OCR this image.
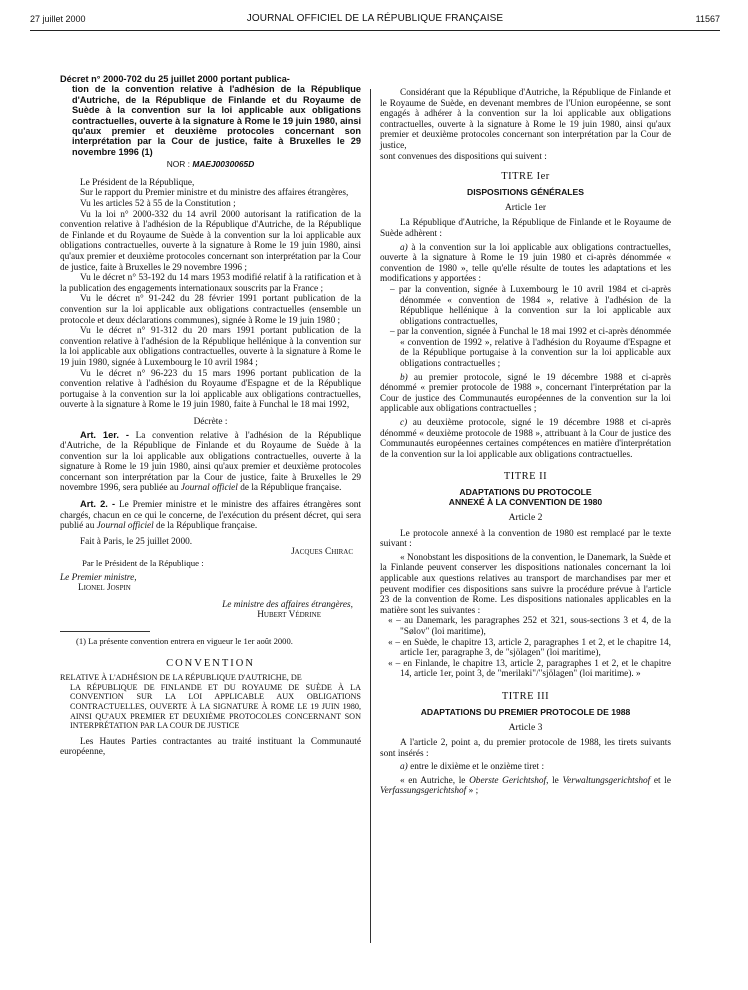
27 juillet 2000	JOURNAL OFFICIEL DE LA RÉPUBLIQUE FRANÇAISE	11567

Décret n° 2000-702 du 25 juillet 2000 portant publica-
tion de la convention relative à l'adhésion de la République d'Autriche, de la République de Finlande et du Royaume de Suède à la convention sur la loi applicable aux obligations contractuelles, ouverte à la signature à Rome le 19 juin 1980, ainsi qu'aux premier et deuxième protocoles concernant son interprétation par la Cour de justice, faite à Bruxelles le 29 novembre 1996 (1)

NOR : MAEJ0030065D

Le Président de la République,

Sur le rapport du Premier ministre et du ministre des affaires étrangères,

Vu les articles 52 à 55 de la Constitution ;

Vu la loi n° 2000-332 du 14 avril 2000 autorisant la ratification de la convention relative à l'adhésion de la République d'Autriche, de la République de Finlande et du Royaume de Suède à la convention sur la loi applicable aux obligations contractuelles, ouverte à la signature à Rome le 19 juin 1980, ainsi qu'aux premier et deuxième protocoles concernant son interprétation par la Cour de justice, faite à Bruxelles le 29 novembre 1996 ;

Vu le décret n° 53-192 du 14 mars 1953 modifié relatif à la ratification et à la publication des engagements internationaux souscrits par la France ;

Vu le décret n° 91-242 du 28 février 1991 portant publication de la convention sur la loi applicable aux obligations contractuelles (ensemble un protocole et deux déclarations communes), signée à Rome le 19 juin 1980 ;

Vu le décret n° 91-312 du 20 mars 1991 portant publication de la convention relative à l'adhésion de la République hellénique à la convention sur la loi applicable aux obligations contractuelles, ouverte à la signature à Rome le 19 juin 1980, signée à Luxembourg le 10 avril 1984 ;

Vu le décret n° 96-223 du 15 mars 1996 portant publication de la convention relative à l'adhésion du Royaume d'Espagne et de la République portugaise à la convention sur la loi applicable aux obligations contractuelles, ouverte à la signature à Rome le 19 juin 1980, faite à Funchal le 18 mai 1992,

Décrète :

Art. 1er. - La convention relative à l'adhésion de la République d'Autriche, de la République de Finlande et du Royaume de Suède à la convention sur la loi applicable aux obligations contractuelles, ouverte à la signature à Rome le 19 juin 1980, ainsi qu'aux premier et deuxième protocoles concernant son interprétation par la Cour de justice, faite à Bruxelles le 29 novembre 1996, sera publiée au Journal officiel de la République française.

Art. 2. - Le Premier ministre et le ministre des affaires étrangères sont chargés, chacun en ce qui le concerne, de l'exécution du présent décret, qui sera publié au Journal officiel de la République française.

Fait à Paris, le 25 juillet 2000.

Jacques Chirac

Par le Président de la République :

Le Premier ministre,

Lionel Jospin

Le ministre des affaires étrangères,

Hubert Védrine

(1) La présente convention entrera en vigueur le 1er août 2000.

CONVENTION

RELATIVE À L'ADHÉSION DE LA RÉPUBLIQUE D'AUTRICHE, DE
LA RÉPUBLIQUE DE FINLANDE ET DU ROYAUME DE SUÈDE À LA CONVENTION SUR LA LOI APPLICABLE AUX OBLIGATIONS CONTRACTUELLES, OUVERTE À LA SIGNATURE À ROME LE 19 JUIN 1980, AINSI QU'AUX PREMIER ET DEUXIÈME PROTOCOLES CONCERNANT SON INTERPRÉTATION PAR LA COUR DE JUSTICE

Les Hautes Parties contractantes au traité instituant la Communauté européenne,

Considérant que la République d'Autriche, la République de Finlande et le Royaume de Suède, en devenant membres de l'Union européenne, se sont engagés à adhérer à la convention sur la loi applicable aux obligations contractuelles, ouverte à la signature à Rome le 19 juin 1980, ainsi qu'aux premier et deuxième protocoles concernant son interprétation par la Cour de justice,

sont convenues des dispositions qui suivent :

TITRE Ier

DISPOSITIONS GÉNÉRALES

Article 1er

La République d'Autriche, la République de Finlande et le Royaume de Suède adhèrent :

a) à la convention sur la loi applicable aux obligations contractuelles, ouverte à la signature à Rome le 19 juin 1980 et ci-après dénommée « convention de 1980 », telle qu'elle résulte de toutes les adaptations et les modifications y apportées :

– par la convention, signée à Luxembourg le 10 avril 1984 et ci-après dénommée « convention de 1984 », relative à l'adhésion de la République hellénique à la convention sur la loi applicable aux obligations contractuelles,

– par la convention, signée à Funchal le 18 mai 1992 et ci-après dénommée « convention de 1992 », relative à l'adhésion du Royaume d'Espagne et de la République portugaise à la convention sur la loi applicable aux obligations contractuelles ;

b) au premier protocole, signé le 19 décembre 1988 et ci-après dénommé « premier protocole de 1988 », concernant l'interprétation par la Cour de justice des Communautés européennes de la convention sur la loi applicable aux obligations contractuelles ;

c) au deuxième protocole, signé le 19 décembre 1988 et ci-après dénommé « deuxième protocole de 1988 », attribuant à la Cour de justice des Communautés européennes certaines compétences en matière d'interprétation de la convention sur la loi applicable aux obligations contractuelles.

TITRE II

ADAPTATIONS DU PROTOCOLE
ANNEXÉ À LA CONVENTION DE 1980

Article 2

Le protocole annexé à la convention de 1980 est remplacé par le texte suivant :

« Nonobstant les dispositions de la convention, le Danemark, la Suède et la Finlande peuvent conserver les dispositions nationales concernant la loi applicable aux questions relatives au transport de marchandises par mer et peuvent modifier ces dispositions sans suivre la procédure prévue à l'article 23 de la convention de Rome. Les dispositions nationales applicables en la matière sont les suivantes :

« – au Danemark, les paragraphes 252 et 321, sous-sections 3 et 4, de la "Sølov" (loi maritime),

« – en Suède, le chapitre 13, article 2, paragraphes 1 et 2, et le chapitre 14, article 1er, paragraphe 3, de "sjölagen" (loi maritime),

« – en Finlande, le chapitre 13, article 2, paragraphes 1 et 2, et le chapitre 14, article 1er, point 3, de "merilaki"/"sjölagen" (loi maritime). »

TITRE III

ADAPTATIONS DU PREMIER PROTOCOLE DE 1988

Article 3

A l'article 2, point a, du premier protocole de 1988, les tirets suivants sont insérés :

a) entre le dixième et le onzième tiret :

« en Autriche, le Oberste Gerichtshof, le Verwaltungsgerichtshof et le Verfassungsgerichtshof » ;
